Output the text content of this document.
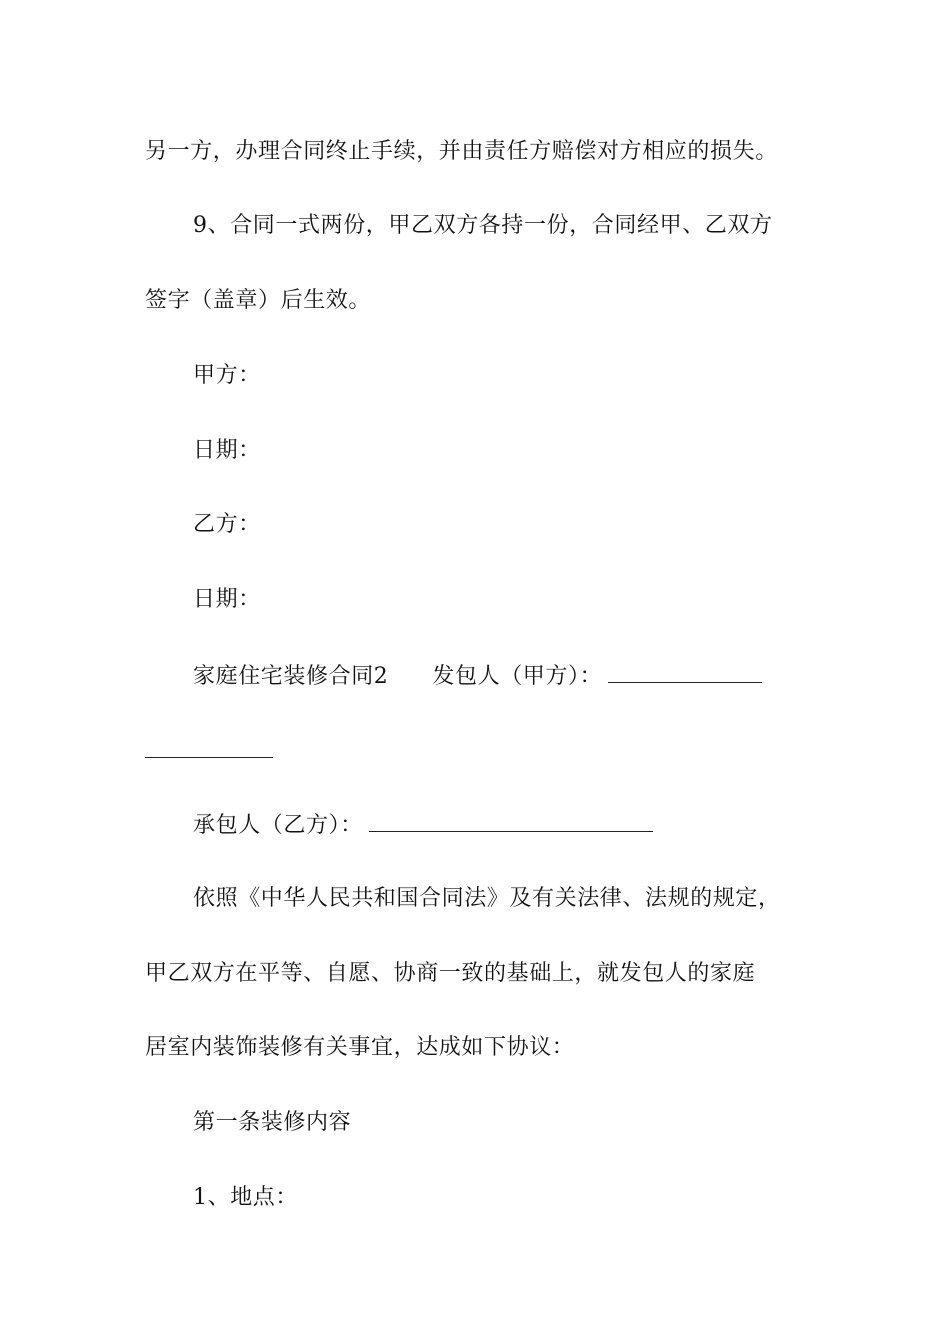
另一方，办理合同终止手续，并由责任方赔偿对方相应的损失。
9、合同一式两份，甲乙双方各持一份，合同经甲、乙双方
签字（盖章）后生效。
甲方：
日期：
乙方：
日期：
家庭住宅装修合同2 发包人（甲方）：
承包人（乙方）：
依照《中华人民共和国合同法》及有关法律、法规的规定，
甲乙双方在平等、自愿、协商一致的基础上，就发包人的家庭
居室内装饰装修有关事宜，达成如下协议：
第一条装修内容
1、地点：
